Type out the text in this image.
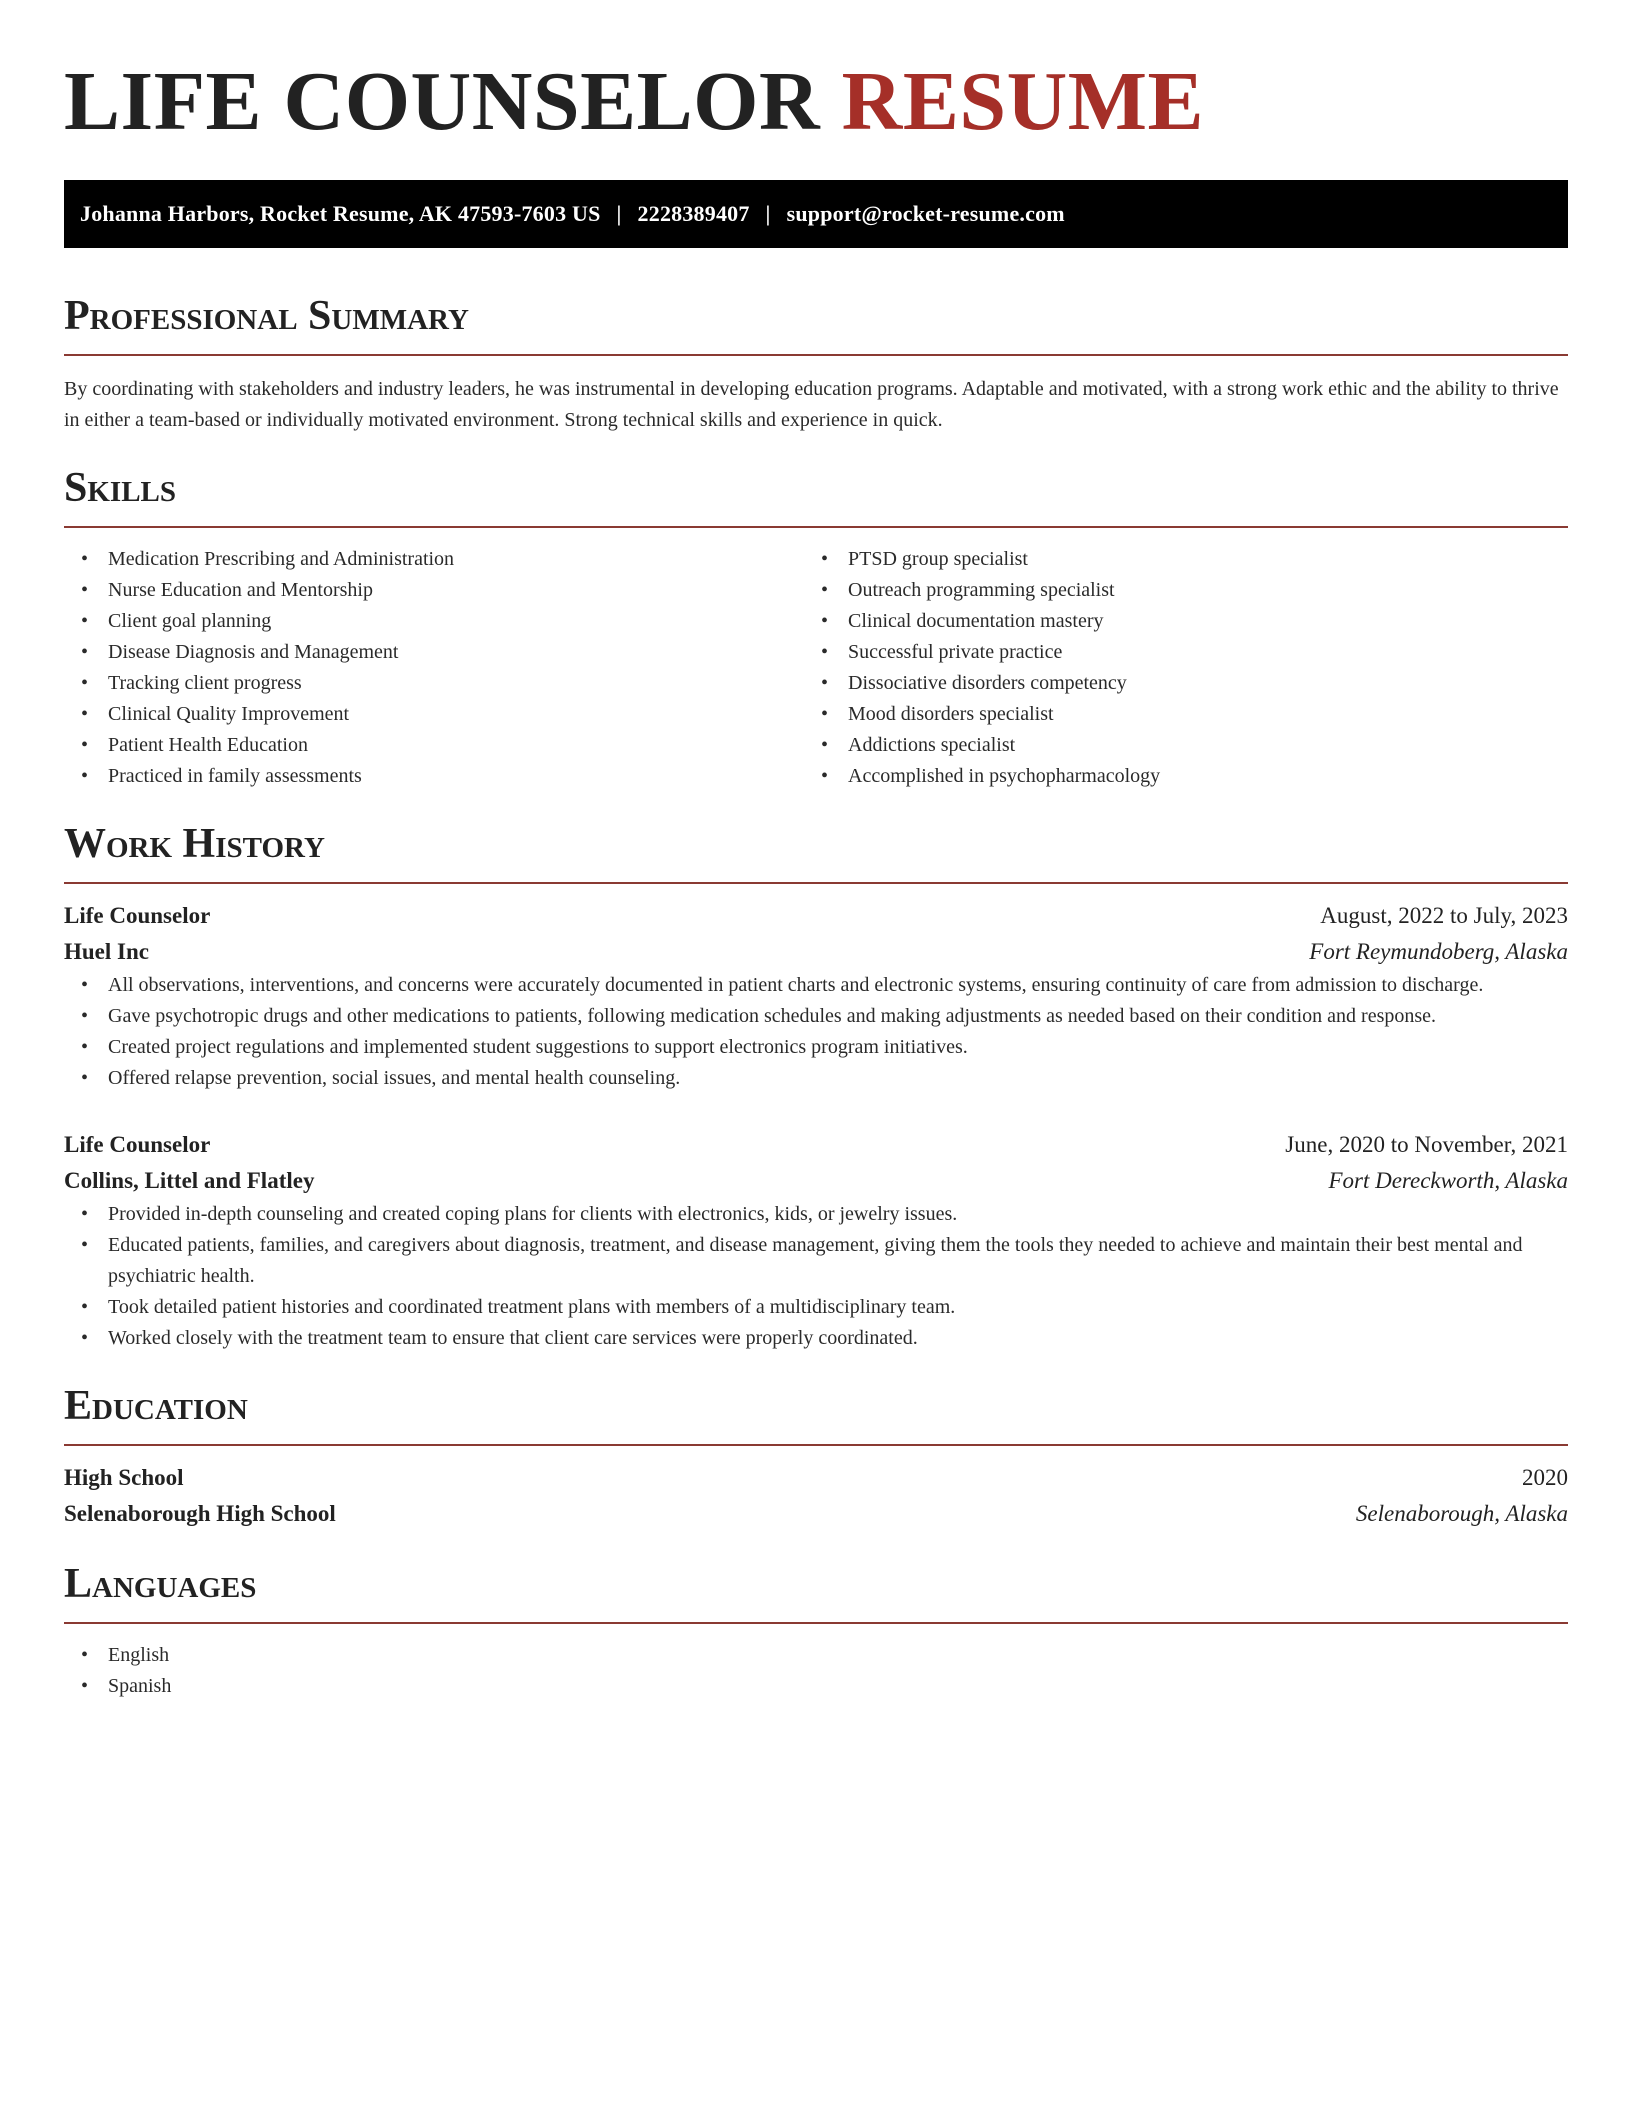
LIFE COUNSELOR RESUME
Johanna Harbors, Rocket Resume, AK 47593-7603 US | 2228389407 | support@rocket-resume.com
Professional Summary

By coordinating with stakeholders and industry leaders, he was instrumental in developing education programs. Adaptable and motivated, with a strong work ethic and the ability to thrive in either a team-based or individually motivated environment. Strong technical skills and experience in quick.

Skills
• Medication Prescribing and Administration
• Nurse Education and Mentorship
• Client goal planning
• Disease Diagnosis and Management
• Tracking client progress
• Clinical Quality Improvement
• Patient Health Education
• Practiced in family assessments
• PTSD group specialist
• Outreach programming specialist
• Clinical documentation mastery
• Successful private practice
• Dissociative disorders competency
• Mood disorders specialist
• Addictions specialist
• Accomplished in psychopharmacology
Work History
Life Counselor	August, 2022 to July, 2023
Huel Inc	Fort Reymundoberg, Alaska
• All observations, interventions, and concerns were accurately documented in patient charts and electronic systems, ensuring continuity of care from admission to discharge.
• Gave psychotropic drugs and other medications to patients, following medication schedules and making adjustments as needed based on their condition and response.
• Created project regulations and implemented student suggestions to support electronics program initiatives.
• Offered relapse prevention, social issues, and mental health counseling.
Life Counselor	June, 2020 to November, 2021
Collins, Littel and Flatley	Fort Dereckworth, Alaska
• Provided in-depth counseling and created coping plans for clients with electronics, kids, or jewelry issues.
• Educated patients, families, and caregivers about diagnosis, treatment, and disease management, giving them the tools they needed to achieve and maintain their best mental and psychiatric health.
• Took detailed patient histories and coordinated treatment plans with members of a multidisciplinary team.
• Worked closely with the treatment team to ensure that client care services were properly coordinated.
Education
High School	2020
Selenaborough High School	Selenaborough, Alaska
Languages
• English
• Spanish
